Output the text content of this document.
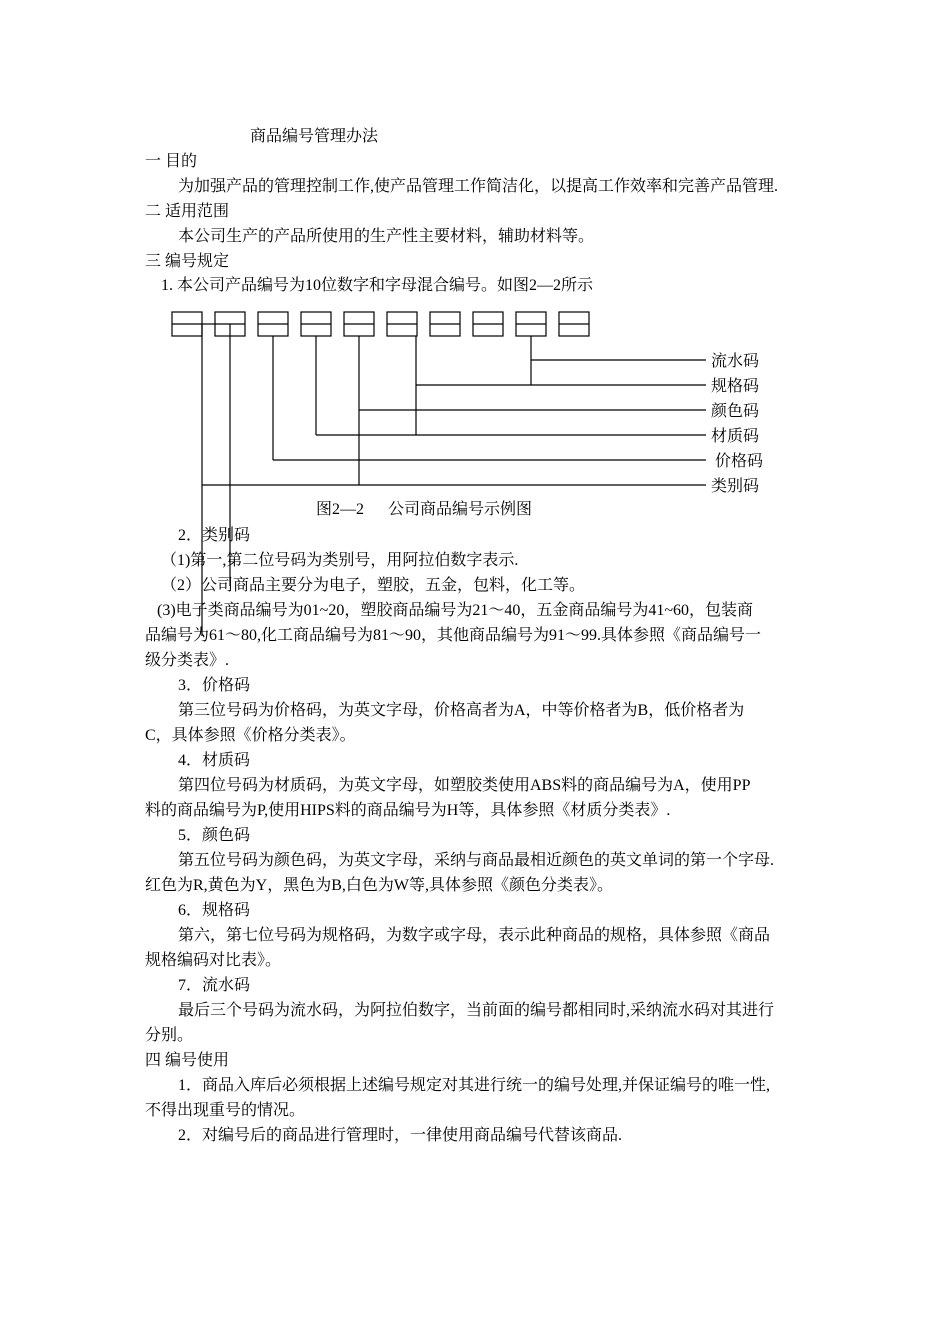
商品编号管理办法
一 目的
为加强产品的管理控制工作,使产品管理工作简洁化，以提高工作效率和完善产品管理.
二 适用范围
本公司生产的产品所使用的生产性主要材料，辅助材料等。
三 编号规定
1. 本公司产品编号为10位数字和字母混合编号。如图2—2所示
流水码
规格码
颜色码
材质码
价格码
类别码
图2—2      公司商品编号示例图
2．类别码
（1)第一,第二位号码为类别号，用阿拉伯数字表示.
（2）公司商品主要分为电子，塑胶，五金，包料，化工等。
(3)电子类商品编号为01~20，塑胶商品编号为21～40，五金商品编号为41~60，包装商
品编号为61～80,化工商品编号为81～90，其他商品编号为91～99.具体参照《商品编号一
级分类表》.
3．价格码
第三位号码为价格码，为英文字母，价格高者为A，中等价格者为B，低价格者为
C，具体参照《价格分类表》。
4．材质码
第四位号码为材质码，为英文字母，如塑胶类使用ABS料的商品编号为A，使用PP
料的商品编号为P,使用HIPS料的商品编号为H等，具体参照《材质分类表》.
5．颜色码
第五位号码为颜色码，为英文字母，采纳与商品最相近颜色的英文单词的第一个字母.
红色为R,黄色为Y，黑色为B,白色为W等,具体参照《颜色分类表》。
6．规格码
第六，第七位号码为规格码，为数字或字母，表示此种商品的规格，具体参照《商品
规格编码对比表》。
7．流水码
最后三个号码为流水码，为阿拉伯数字，当前面的编号都相同时,采纳流水码对其进行
分别。
四 编号使用
1．商品入库后必须根据上述编号规定对其进行统一的编号处理,并保证编号的唯一性,
不得出现重号的情况。
2．对编号后的商品进行管理时，一律使用商品编号代替该商品.
